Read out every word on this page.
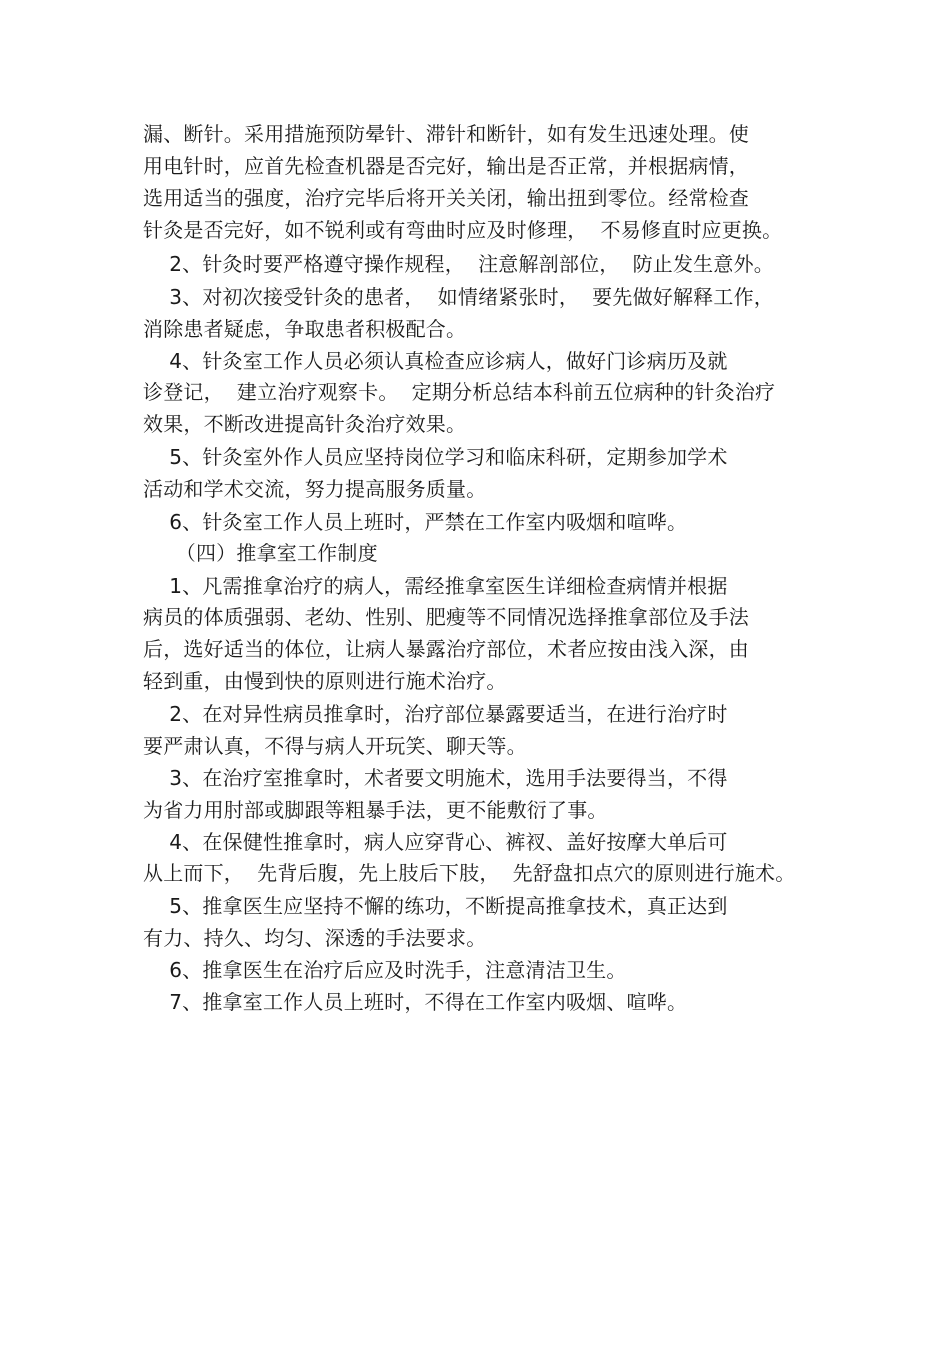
漏、断针。采用措施预防晕针、滞针和断针，如有发生迅速处理。使
用电针时，应首先检查机器是否完好，输出是否正常，并根据病情，
选用适当的强度，治疗完毕后将开关关闭，输出扭到零位。经常检查
针灸是否完好，如不锐利或有弯曲时应及时修理，  不易修直时应更换。
2、针灸时要严格遵守操作规程，  注意解剖部位，  防止发生意外。
3、对初次接受针灸的患者，  如情绪紧张时，  要先做好解释工作，
消除患者疑虑，争取患者积极配合。
4、针灸室工作人员必须认真检查应诊病人，做好门诊病历及就
诊登记，  建立治疗观察卡。  定期分析总结本科前五位病种的针灸治疗
效果，不断改进提高针灸治疗效果。
5、针灸室外作人员应坚持岗位学习和临床科研，定期参加学术
活动和学术交流，努力提高服务质量。
6、针灸室工作人员上班时，严禁在工作室内吸烟和喧哗。
（四）推拿室工作制度
1、凡需推拿治疗的病人，需经推拿室医生详细检查病情并根据
病员的体质强弱、老幼、性别、肥瘦等不同情况选择推拿部位及手法
后，选好适当的体位，让病人暴露治疗部位，术者应按由浅入深，由
轻到重，由慢到快的原则进行施术治疗。
2、在对异性病员推拿时，治疗部位暴露要适当，在进行治疗时
要严肃认真，不得与病人开玩笑、聊天等。
3、在治疗室推拿时，术者要文明施术，选用手法要得当，不得
为省力用肘部或脚跟等粗暴手法，更不能敷衍了事。
4、在保健性推拿时，病人应穿背心、裤衩、盖好按摩大单后可
从上而下，  先背后腹，先上肢后下肢，  先舒盘扣点穴的原则进行施术。
5、推拿医生应坚持不懈的练功，不断提高推拿技术，真正达到
有力、持久、均匀、深透的手法要求。
6、推拿医生在治疗后应及时洗手，注意清洁卫生。
7、推拿室工作人员上班时，不得在工作室内吸烟、喧哗。
